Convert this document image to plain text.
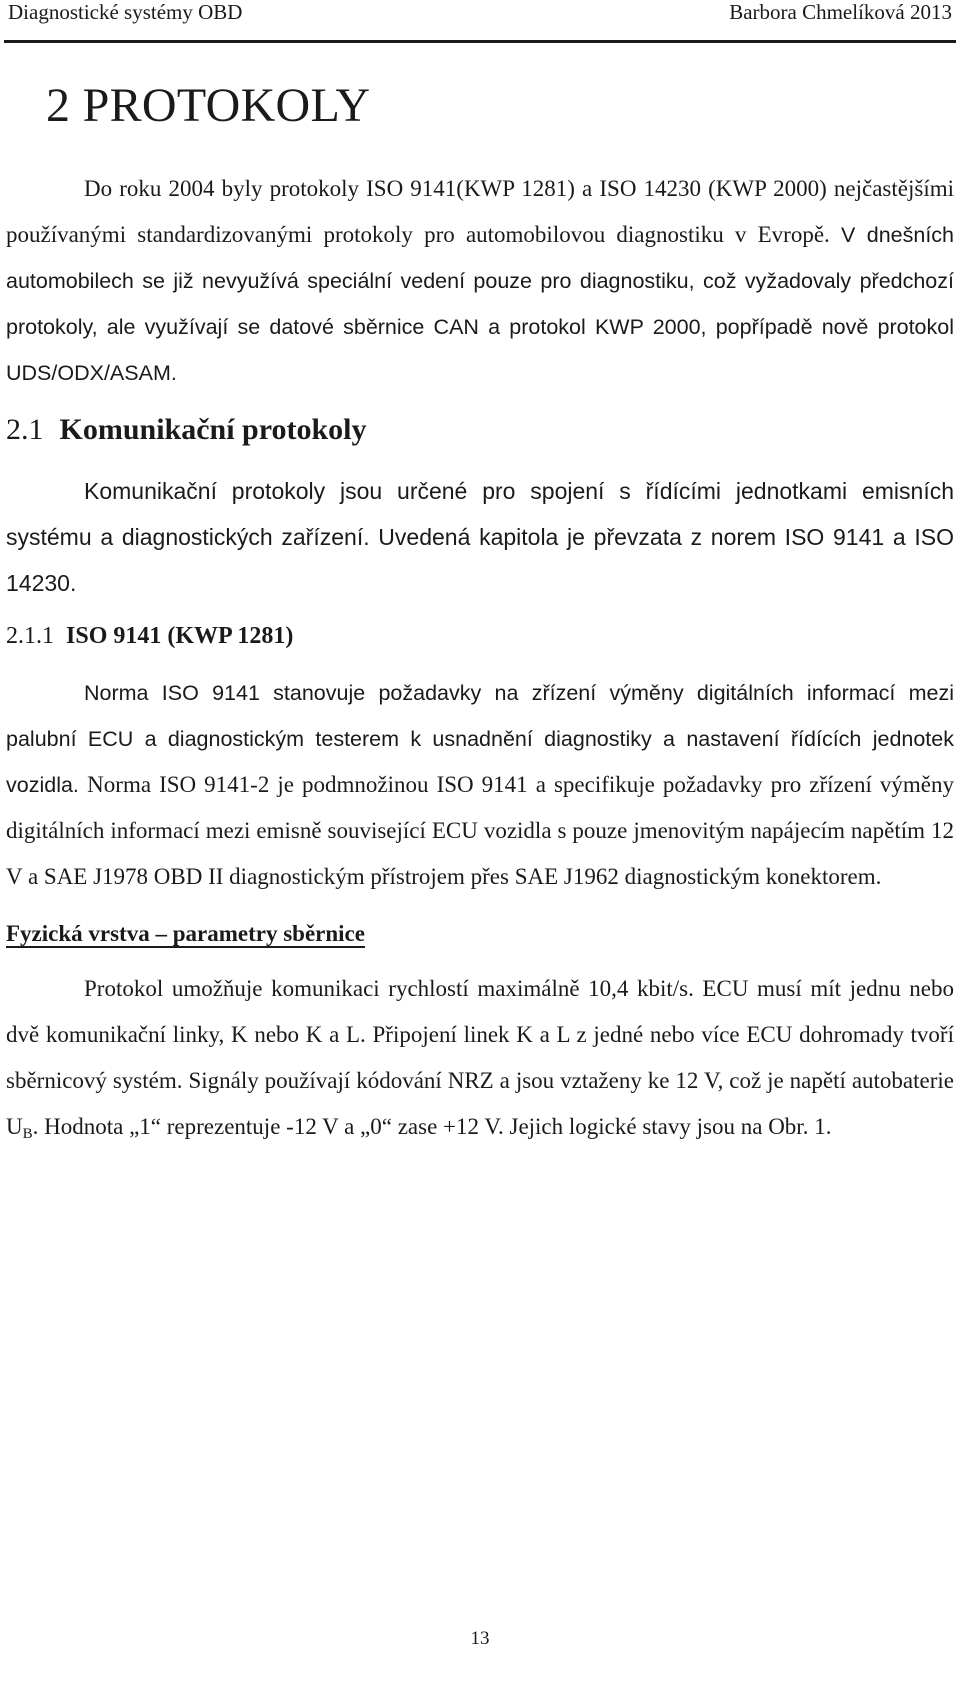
Diagnostické systémy OBD	Barbora Chmelíková 2013
2 PROTOKOLY

Do roku 2004 byly protokoly ISO 9141(KWP 1281) a ISO 14230 (KWP 2000) nejčastějšími používanými standardizovanými protokoly pro automobilovou diagnostiku v Evropě. V dnešních automobilech se již nevyužívá speciální vedení pouze pro diagnostiku, což vyžadovaly předchozí protokoly, ale využívají se datové sběrnice CAN a protokol KWP 2000, popřípadě nově protokol UDS/ODX/ASAM.

2.1 Komunikační protokoly

Komunikační protokoly jsou určené pro spojení s řídícími jednotkami emisních systému a diagnostických zařízení. Uvedená kapitola je převzata z norem ISO 9141 a ISO 14230.

2.1.1 ISO 9141 (KWP 1281)

Norma ISO 9141 stanovuje požadavky na zřízení výměny digitálních informací mezi palubní ECU a diagnostickým testerem k usnadnění diagnostiky a nastavení řídících jednotek vozidla. Norma ISO 9141-2 je podmnožinou ISO 9141 a specifikuje požadavky pro zřízení výměny digitálních informací mezi emisně související ECU vozidla s pouze jmenovitým napájecím napětím 12 V a SAE J1978 OBD II diagnostickým přístrojem přes SAE J1962 diagnostickým konektorem.

Fyzická vrstva – parametry sběrnice

Protokol umožňuje komunikaci rychlostí maximálně 10,4 kbit/s. ECU musí mít jednu nebo dvě komunikační linky, K nebo K a L. Připojení linek K a L z jedné nebo více ECU dohromady tvoří sběrnicový systém. Signály používají kódování NRZ a jsou vztaženy ke 12 V, což je napětí autobaterie $U_B$. Hodnota „1“ reprezentuje -12 V a „0“ zase +12 V. Jejich logické stavy jsou na Obr. 1.

13
